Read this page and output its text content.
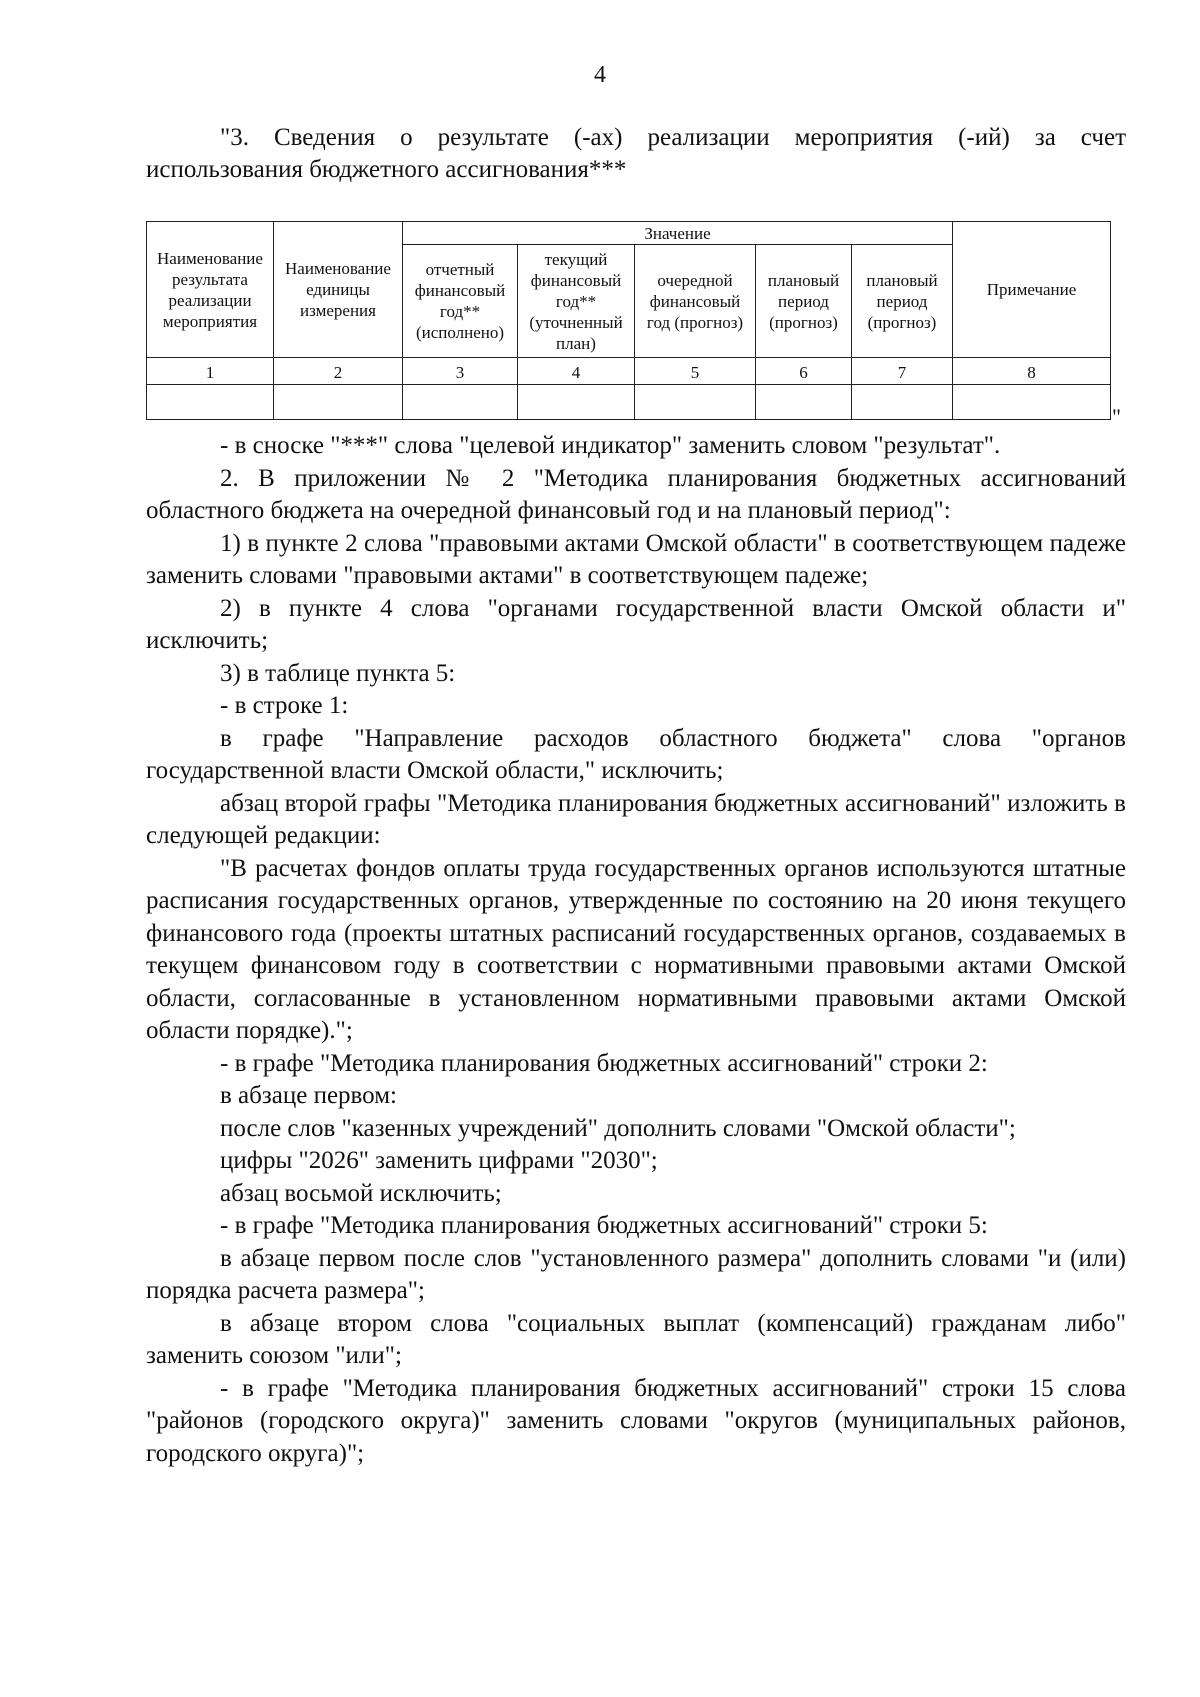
4
"3. Сведения о результате (-ах) реализации мероприятия (-ий) за счет
использования бюджетного ассигнования***
Наименование результата реализации мероприятия	Наименование единицы измерения	Значение					Примечание
		отчетный финансовый год** (исполнено)	текущий финансовый год** (уточненный план)	очередной финансовый год (прогноз)	плановый период (прогноз)	плановый период (прогноз)	
1	2	3	4	5	6	7	8

"

- в сноске "***" слова "целевой индикатор" заменить словом "результат".

2. В приложении № 2 "Методика планирования бюджетных ассигнований областного бюджета на очередной финансовый год и на плановый период":

1) в пункте 2 слова "правовыми актами Омской области" в соответствующем падеже заменить словами "правовыми актами" в соответствующем падеже;

2) в пункте 4 слова "органами государственной власти Омской области и" исключить;

3) в таблице пункта 5:

- в строке 1:

в графе "Направление расходов областного бюджета" слова "органов государственной власти Омской области," исключить;

абзац второй графы "Методика планирования бюджетных ассигнований" изложить в следующей редакции:

"В расчетах фондов оплаты труда государственных органов используются штатные расписания государственных органов, утвержденные по состоянию на 20 июня текущего финансового года (проекты штатных расписаний государственных органов, создаваемых в текущем финансовом году в соответствии с нормативными правовыми актами Омской области, согласованные в установленном нормативными правовыми актами Омской области порядке).";

- в графе "Методика планирования бюджетных ассигнований" строки 2:

в абзаце первом:

после слов "казенных учреждений" дополнить словами "Омской области";

цифры "2026" заменить цифрами "2030";

абзац восьмой исключить;

- в графе "Методика планирования бюджетных ассигнований" строки 5:

в абзаце первом после слов "установленного размера" дополнить словами "и (или) порядка расчета размера";

в абзаце втором слова "социальных выплат (компенсаций) гражданам либо" заменить союзом "или";

- в графе "Методика планирования бюджетных ассигнований" строки 15 слова "районов (городского округа)" заменить словами "округов (муниципальных районов, городского округа)";
